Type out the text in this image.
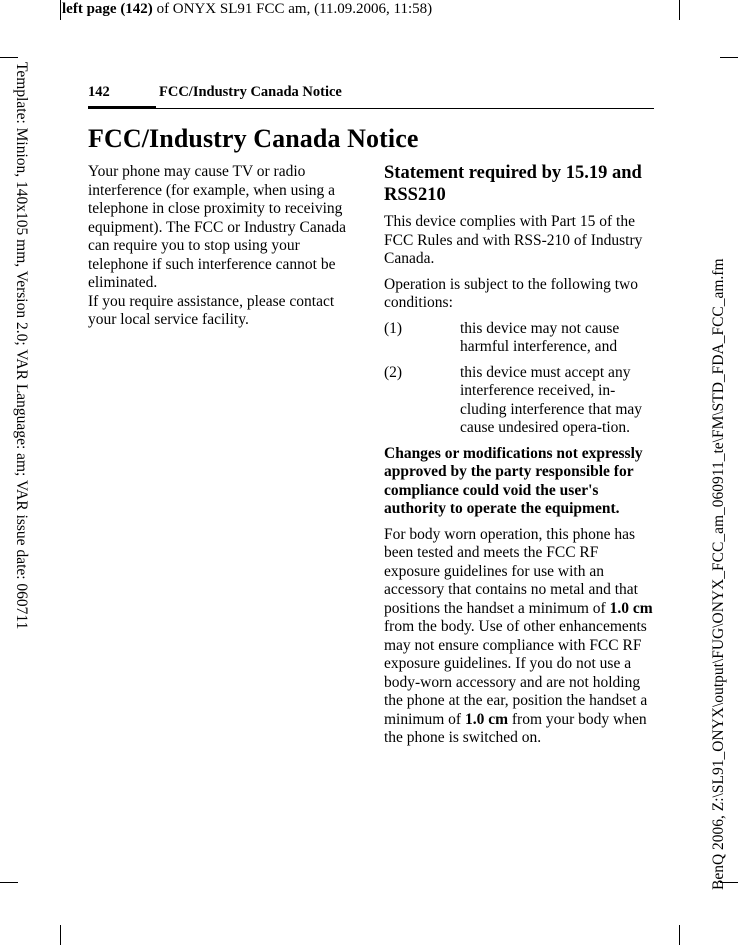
left page (142) of ONYX SL91 FCC am, (11.09.2006, 11:58)
Template: Minion, 140x105 mm, Version 2.0; VAR Language: am; VAR issue date: 060711	BenQ 2006, Z:\SL91_ONYX\output\FUG\ONYX_FCC_am_060911_te\FM\STD_FDA_FCC_am.fm
142	FCC/Industry Canada Notice
FCC/Industry Canada Notice

Your phone may cause TV or radio interference (for example, when using a telephone in close proximity to receiving equipment). The FCC or Industry Canada can require you to stop using your telephone if such interference cannot be eliminated.

If you require assistance, please contact your local service facility.

Statement required by 15.19 and RSS210

This device complies with Part 15 of the FCC Rules and with RSS-210 of Industry Canada.

Operation is subject to the following two conditions:

(1)	this device may not cause harmful interference, and
(2)	this device must accept any interference received, in-cluding interference that may cause undesired opera-tion.

Changes or modifications not expressly approved by the party responsible for compliance could void the user's authority to operate the equipment.

For body worn operation, this phone has been tested and meets the FCC RF exposure guidelines for use with an accessory that contains no metal and that positions the handset a minimum of 1.0 cm from the body. Use of other enhancements may not ensure compliance with FCC RF exposure guidelines. If you do not use a body-worn accessory and are not holding the phone at the ear, position the handset a minimum of 1.0 cm from your body when the phone is switched on.
